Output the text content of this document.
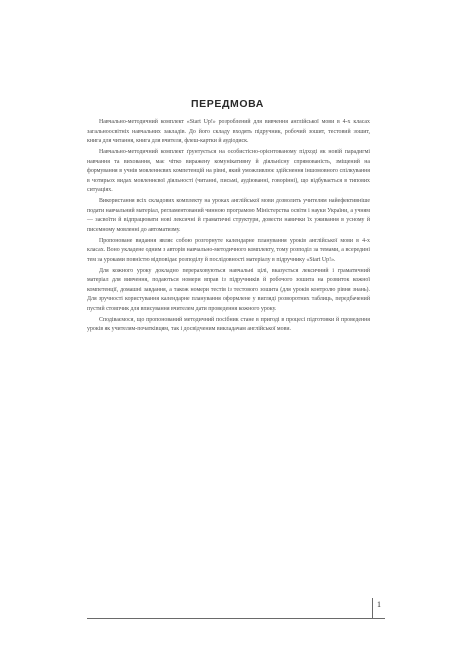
ПЕРЕДМОВА

Навчально-методичний комплект «Start Up!» розроблений для вивчення англійської мови в 4-х класах загальноосвітніх навчальних закладів. До його складу входять підручник, робочий зошит, тестовий зошит, книга для читання, книга для вчителя, флеш-картки й аудіодиск.

Навчально-методичний комплект ґрунтується на особистісно-орієнтованому підході як новій парадигмі навчання та виховання, має чітко виражену комунікативну й діяльнісну спрямованість, зміщений на формування в учнів мовленнєвих компетенцій на рівні, який уможливлює здійснення іншомовного спілкування в чотирьох видах мовленнєвої діяльності (читанні, письмі, аудіюванні, говорінні), що відбувається в типових ситуаціях.

Використання всіх складових комплекту на уроках англійської мови дозволить учителям найефективніше подати навчальний матеріал, регламентований чинною програмою Міністерства освіти і науки України, а учням — засвоїти й відпрацювати нові лексичні й граматичні структури, довести навички їх уживання в усному й писемному мовленні до автоматизму.

Пропоноване видання являє собою розгорнуте календарне планування уроків англійської мови в 4-х класах. Воно укладене одним з авторів навчально-методичного комплекту, тому розподіл за темами, а всередині тем за уроками повністю відповідає розподілу й послідовності матеріалу в підручнику «Start Up!».

Для кожного уроку докладно перераховуються навчальні цілі, вказується лексичний і граматичний матеріал для вивчення, подаються номери вправ із підручників й робочого зошита на розвиток кожної компетенції, домашні завдання, а також номери тестів із тестового зошита (для уроків контролю рівня знань). Для зручності користування календарне планування оформлене у вигляді розворотних таблиць, передбачений пустий стовпчик для вписування вчителем дати проведення кожного уроку.

Сподіваємося, що пропонований методичний посібник стане в пригоді в процесі підготовки й проведення уроків як учителям-початківцям, так і досвідченим викладачам англійської мови.

1
